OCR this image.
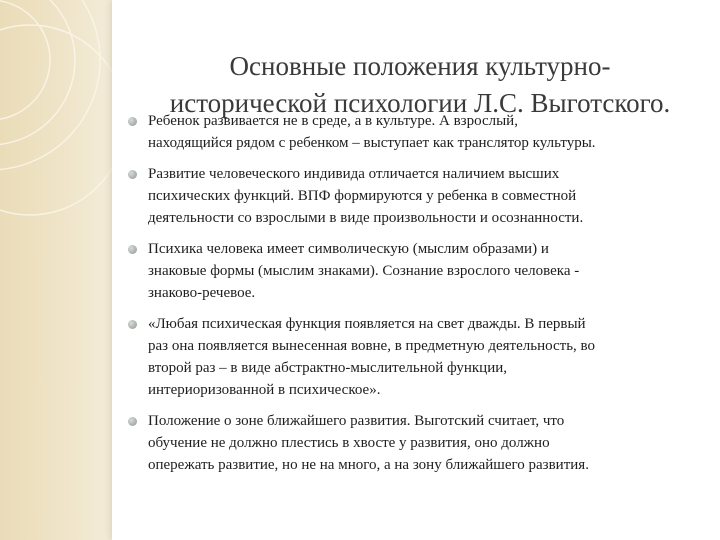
Основные положения культурно-
исторической психологии Л.С. Выготского.
Ребенок развивается не в среде, а в культуре. А взрослый,
находящийся рядом с ребенком – выступает как транслятор культуры.
Развитие человеческого индивида отличается наличием высших
психических функций. ВПФ формируются у ребенка в совместной
деятельности со взрослыми в виде произвольности и осознанности.
Психика человека имеет символическую (мыслим образами) и
знаковые формы (мыслим знаками). Сознание взрослого человека -
знаково-речевое.
«Любая психическая функция появляется на свет дважды. В первый
раз она появляется вынесенная вовне, в предметную деятельность, во
второй раз – в виде абстрактно-мыслительной функции,
интериоризованной в психическое».
Положение о зоне ближайшего развития. Выготский считает, что
обучение не должно плестись в хвосте у развития, оно должно
опережать развитие, но не на много, а на зону ближайшего развития.
